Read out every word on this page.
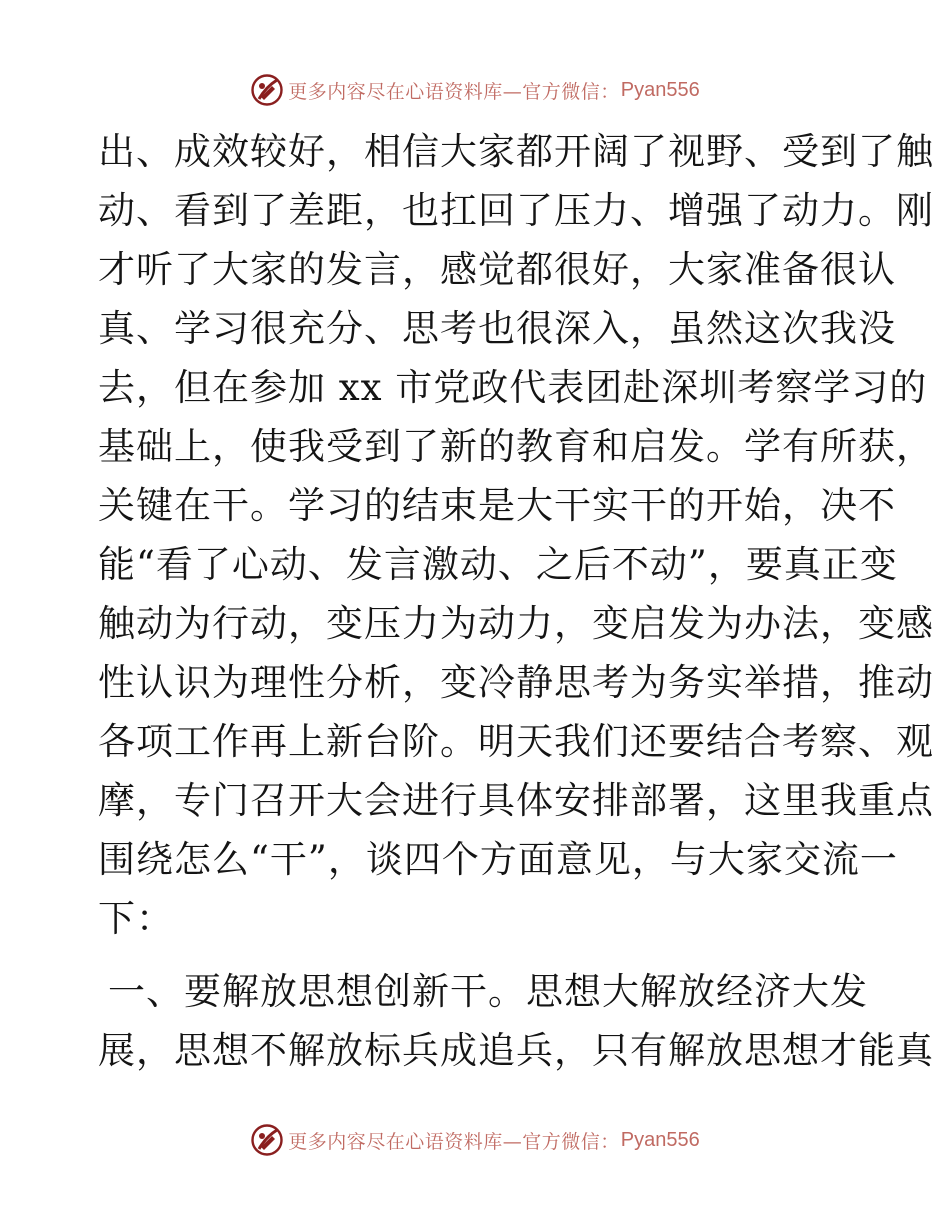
更多内容尽在心语资料库—官方微信： Pyan556
出、成效较好，相信大家都开阔了视野、受到了触
动、看到了差距，也扛回了压力、增强了动力。刚
才听了大家的发言，感觉都很好，大家准备很认
真、学习很充分、思考也很深入，虽然这次我没
去，但在参加 xx 市党政代表团赴深圳考察学习的
基础上，使我受到了新的教育和启发。学有所获，
关键在干。学习的结束是大干实干的开始，决不
能“看了心动、发言激动、之后不动”，要真正变
触动为行动，变压力为动力，变启发为办法，变感
性认识为理性分析，变冷静思考为务实举措，推动
各项工作再上新台阶。明天我们还要结合考察、观
摩，专门召开大会进行具体安排部署，这里我重点
围绕怎么“干”，谈四个方面意见，与大家交流一
下：
一、要解放思想创新干。思想大解放经济大发
展，思想不解放标兵成追兵，只有解放思想才能真
更多内容尽在心语资料库—官方微信： Pyan556
